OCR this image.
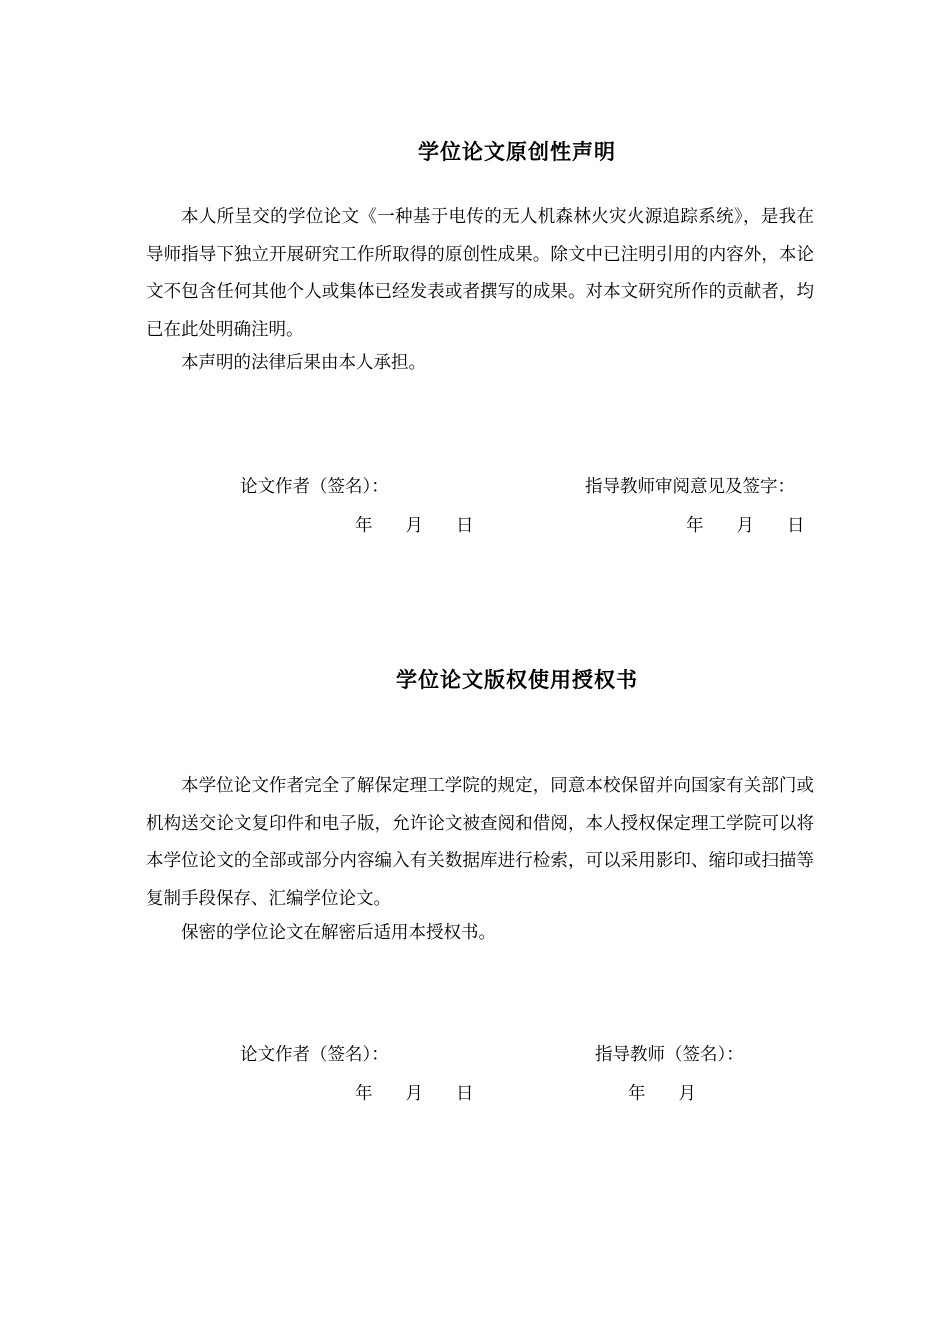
学位论文原创性声明

本人所呈交的学位论文《一种基于电传的无人机森林火灾火源追踪系统》，是我在导师指导下独立开展研究工作所取得的原创性成果。除文中已注明引用的内容外，本论文不包含任何其他个人或集体已经发表或者撰写的成果。对本文研究所作的贡献者，均已在此处明确注明。

本声明的法律后果由本人承担。

论文作者（签名）：	指导教师审阅意见及签字：
年 月 日	年 月 日
学位论文版权使用授权书

本学位论文作者完全了解保定理工学院的规定，同意本校保留并向国家有关部门或机构送交论文复印件和电子版，允许论文被查阅和借阅，本人授权保定理工学院可以将本学位论文的全部或部分内容编入有关数据库进行检索，可以采用影印、缩印或扫描等复制手段保存、汇编学位论文。

保密的学位论文在解密后适用本授权书。

论文作者（签名）：	指导教师（签名）：
年 月 日	年 月
